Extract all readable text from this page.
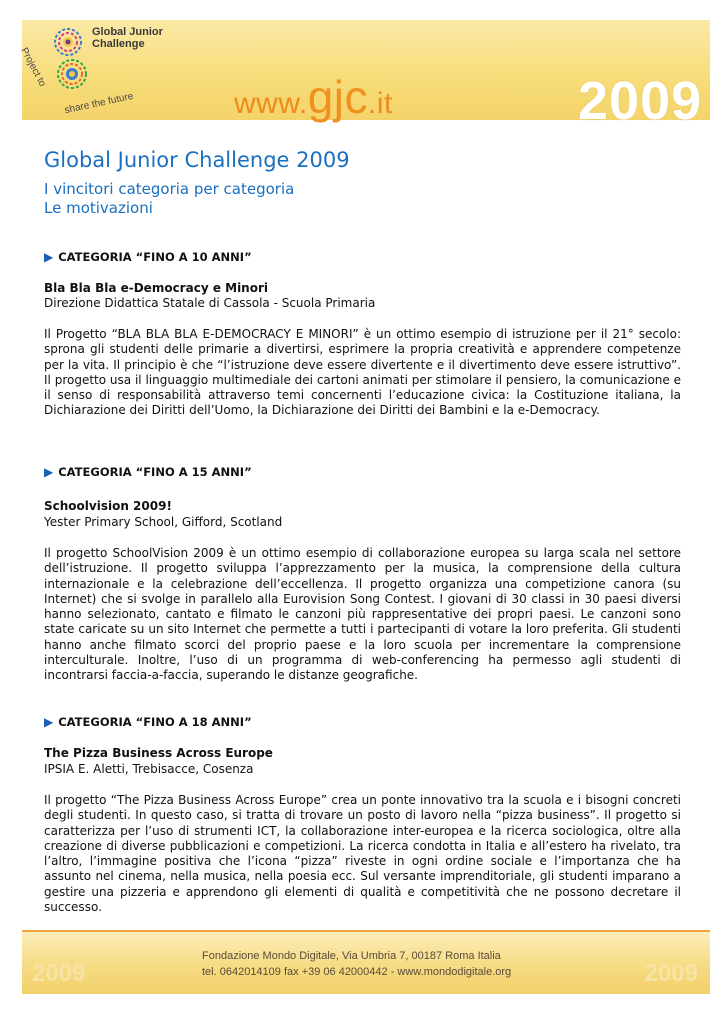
Global Junior
Challenge
Project to
share the future	www.gjc.it	2009
Global Junior Challenge 2009
I vincitori categoria per categoria
Le motivazioni
▶ CATEGORIA “FINO A 10 ANNI”
Bla Bla Bla e-Democracy e Minori
Direzione Didattica Statale di Cassola - Scuola Primaria
Il Progetto “BLA BLA BLA E-DEMOCRACY E MINORI” è un ottimo esempio di istruzione per il 21° secolo: sprona gli studenti delle primarie a divertirsi, esprimere la propria creatività e apprendere competenze per la vita. Il principio è che “l’istruzione deve essere divertente e il divertimento deve essere istruttivo”. Il progetto usa il linguaggio multimediale dei cartoni animati per stimolare il pensiero, la comunicazione e il senso di responsabilità attraverso temi concernenti l’educazione civica: la Costituzione italiana, la Dichiarazione dei Diritti dell’Uomo, la Dichiarazione dei Diritti dei Bambini e la e-Democracy.
▶ CATEGORIA “FINO A 15 ANNI”
Schoolvision 2009!
Yester Primary School, Gifford, Scotland
Il progetto SchoolVision 2009 è un ottimo esempio di collaborazione europea su larga scala nel settore dell’istruzione. Il progetto sviluppa l’apprezzamento per la musica, la comprensione della cultura internazionale e la celebrazione dell’eccellenza. Il progetto organizza una competizione canora (su Internet) che si svolge in parallelo alla Eurovision Song Contest. I giovani di 30 classi in 30 paesi diversi hanno selezionato, cantato e filmato le canzoni più rappresentative dei propri paesi. Le canzoni sono state caricate su un sito Internet che permette a tutti i partecipanti di votare la loro preferita. Gli studenti hanno anche filmato scorci del proprio paese e la loro scuola per incrementare la comprensione interculturale. Inoltre, l’uso di un programma di web-conferencing ha permesso agli studenti di incontrarsi faccia-a-faccia, superando le distanze geografiche.
▶ CATEGORIA “FINO A 18 ANNI”
The Pizza Business Across Europe
IPSIA E. Aletti, Trebisacce, Cosenza
Il progetto “The Pizza Business Across Europe” crea un ponte innovativo tra la scuola e i bisogni concreti degli studenti. In questo caso, si tratta di trovare un posto di lavoro nella “pizza business”. Il progetto si caratterizza per l’uso di strumenti ICT, la collaborazione inter-europea e la ricerca sociologica, oltre alla creazione di diverse pubblicazioni e competizioni. La ricerca condotta in Italia e all’estero ha rivelato, tra l’altro, l’immagine positiva che l’icona “pizza” riveste in ogni ordine sociale e l’importanza che ha assunto nel cinema, nella musica, nella poesia ecc. Sul versante imprenditoriale, gli studenti imparano a gestire una pizzeria e apprendono gli elementi di qualità e competitività che ne possono decretare il successo.
2009	2009
Fondazione Mondo Digitale, Via Umbria 7, 00187 Roma Italia
tel. 0642014109 fax +39 06 42000442 - www.mondodigitale.org
